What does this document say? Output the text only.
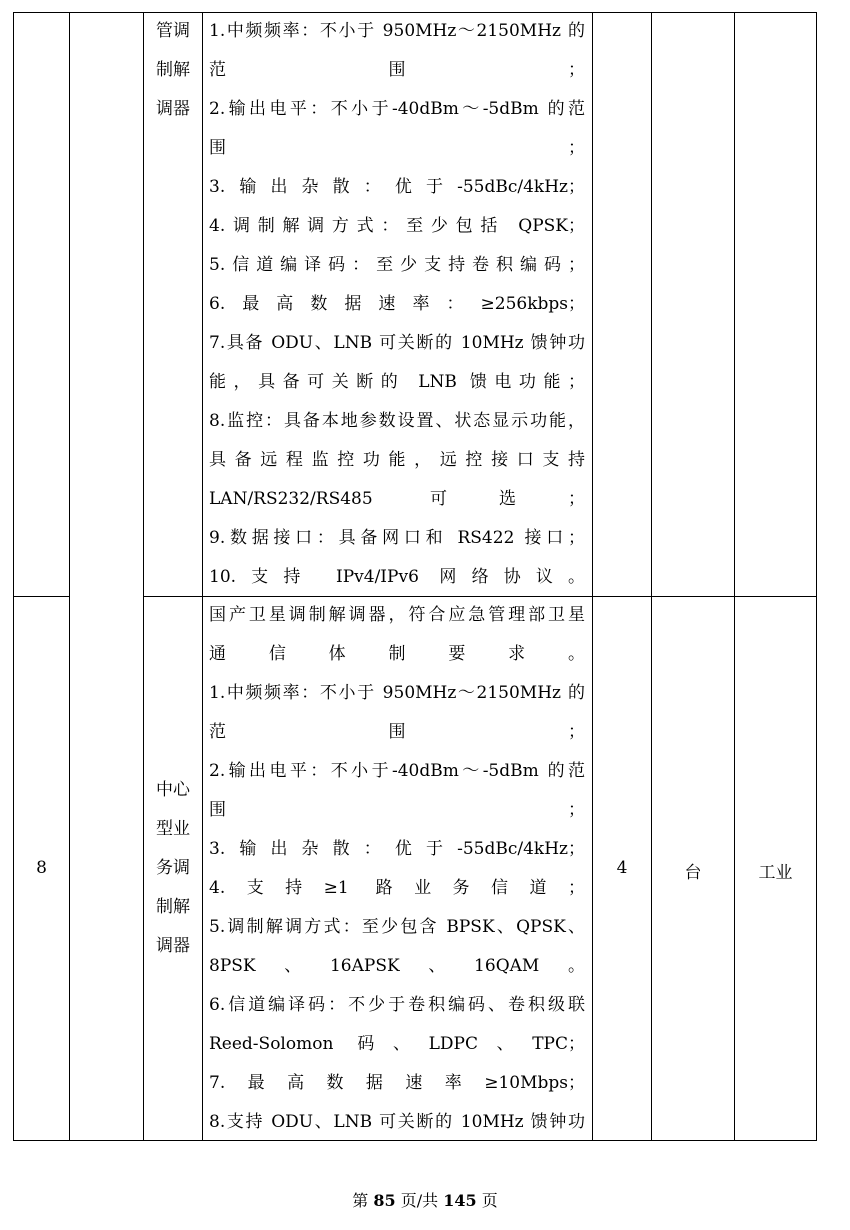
管调
制解
调器
1.中频频率：不小于 950MHz～2150MHz 的
范围；
2.输出电平：不小于-40dBm～-5dBm 的范
围；
3.输出杂散：优于-55dBc/4kHz；
4.调制解调方式：至少包括 QPSK；
5.信道编译码：至少支持卷积编码；
6.最高数据速率：≥256kbps；
7.具备 ODU、LNB 可关断的 10MHz 馈钟功
能，具备可关断的 LNB 馈电功能；
8.监控：具备本地参数设置、状态显示功能，
具备远程监控功能，远控接口支持
LAN/RS232/RS485 可选；
9.数据接口：具备网口和 RS422 接口；
10.支持 IPv4/IPv6 网络协议。
8
中心
型业
务调
制解
调器
国产卫星调制解调器，符合应急管理部卫星
通信体制要求。
1.中频频率：不小于 950MHz～2150MHz 的
范围；
2.输出电平：不小于-40dBm～-5dBm 的范
围；
3.输出杂散：优于-55dBc/4kHz；
4.支持≥1 路业务信道；
5.调制解调方式：至少包含 BPSK、QPSK、
8PSK、16APSK、16QAM。
6.信道编译码：不少于卷积编码、卷积级联
Reed-Solomon 码、LDPC、TPC；
7.最高数据速率≥10Mbps；
8.支持 ODU、LNB 可关断的 10MHz 馈钟功
4	台	工业
第 85 页/共 145 页
